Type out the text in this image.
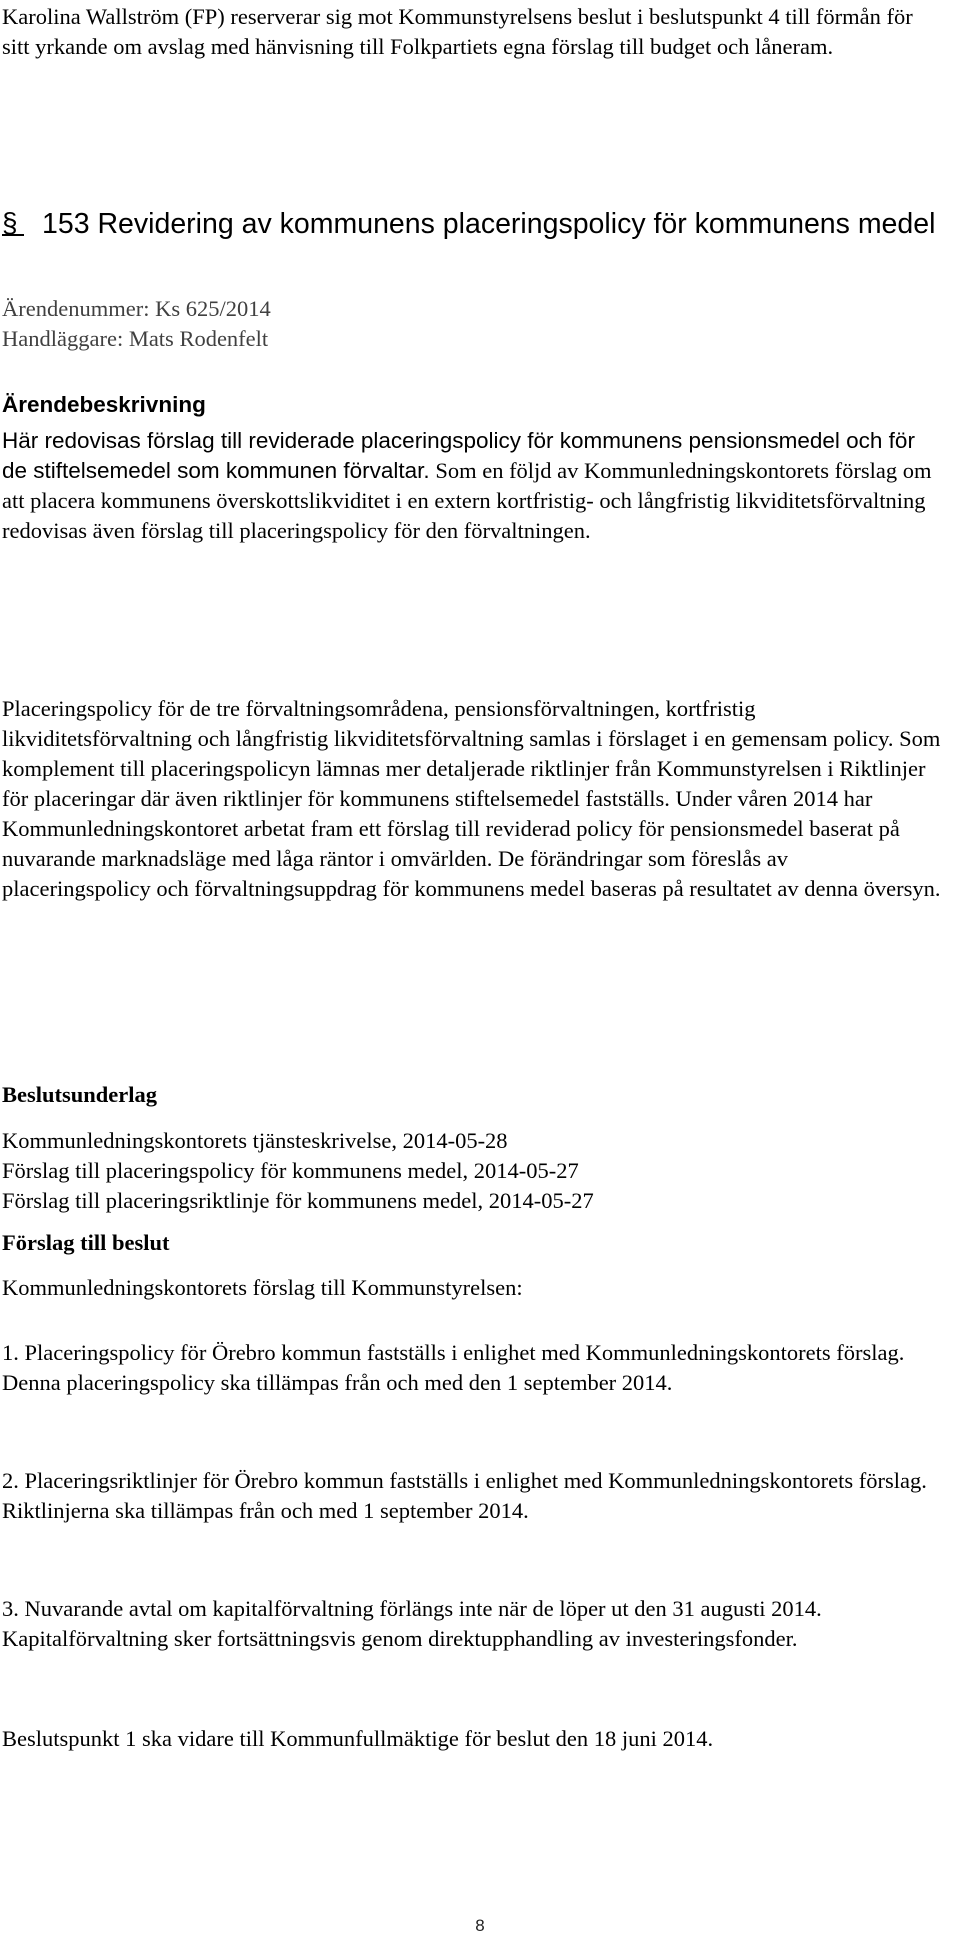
Karolina Wallström (FP) reserverar sig mot Kommunstyrelsens beslut i beslutspunkt 4 till förmån för sitt yrkande om avslag med hänvisning till Folkpartiets egna förslag till budget och låneram.

§ 153 Revidering av kommunens placeringspolicy för kommunens medel

Ärendenummer: Ks 625/2014

Handläggare: Mats Rodenfelt

Ärendebeskrivning

Här redovisas förslag till reviderade placeringspolicy för kommunens pensionsmedel och för de stiftelsemedel som kommunen förvaltar. Som en följd av Kommunledningskontorets förslag om att placera kommunens överskottslikviditet i en extern kortfristig- och långfristig likviditetsförvaltning redovisas även förslag till placeringspolicy för den förvaltningen.

Placeringspolicy för de tre förvaltningsområdena, pensionsförvaltningen, kortfristig likviditetsförvaltning och långfristig likviditetsförvaltning samlas i förslaget i en gemensam policy. Som komplement till placeringspolicyn lämnas mer detaljerade riktlinjer från Kommunstyrelsen i Riktlinjer för placeringar där även riktlinjer för kommunens stiftelsemedel fastställs. Under våren 2014 har Kommunledningskontoret arbetat fram ett förslag till reviderad policy för pensionsmedel baserat på nuvarande marknadsläge med låga räntor i omvärlden. De förändringar som föreslås av placeringspolicy och förvaltningsuppdrag för kommunens medel baseras på resultatet av denna översyn.

Beslutsunderlag
Kommunledningskontorets tjänsteskrivelse, 2014-05-28
Förslag till placeringspolicy för kommunens medel, 2014-05-27
Förslag till placeringsriktlinje för kommunens medel, 2014-05-27
Förslag till beslut

Kommunledningskontorets förslag till Kommunstyrelsen:

1. Placeringspolicy för Örebro kommun fastställs i enlighet med Kommunledningskontorets förslag. Denna placeringspolicy ska tillämpas från och med den 1 september 2014.

2. Placeringsriktlinjer för Örebro kommun fastställs i enlighet med Kommunledningskontorets förslag. Riktlinjerna ska tillämpas från och med 1 september 2014.

3. Nuvarande avtal om kapitalförvaltning förlängs inte när de löper ut den 31 augusti 2014. Kapitalförvaltning sker fortsättningsvis genom direktupphandling av investeringsfonder.

Beslutspunkt 1 ska vidare till Kommunfullmäktige för beslut den 18 juni 2014.

8
